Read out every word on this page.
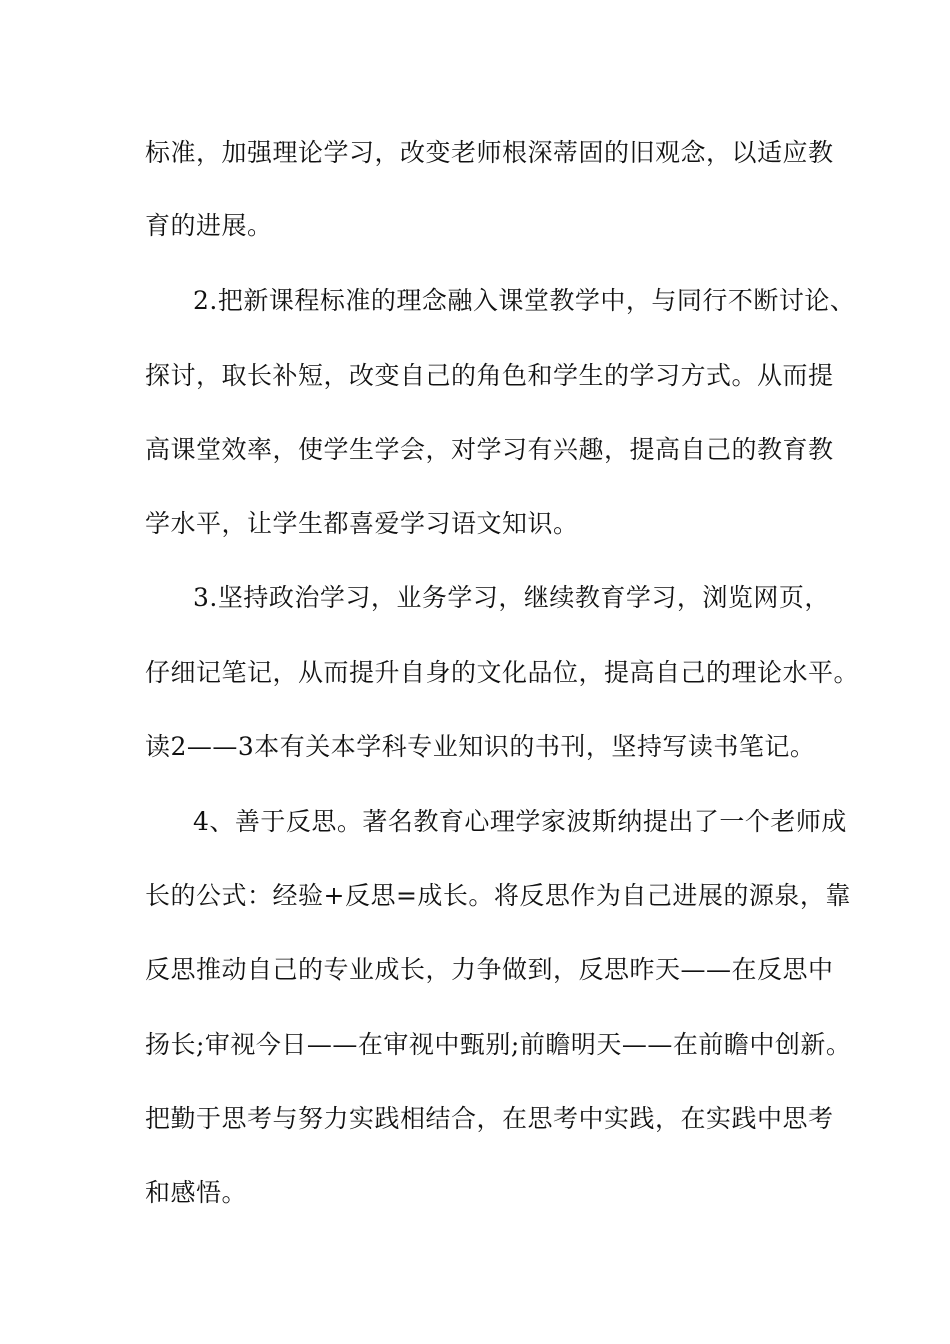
标准，加强理论学习，改变老师根深蒂固的旧观念，以适应教
育的进展。
2.把新课程标准的理念融入课堂教学中，与同行不断讨论、
探讨，取长补短，改变自己的角色和学生的学习方式。从而提
高课堂效率，使学生学会，对学习有兴趣，提高自己的教育教
学水平，让学生都喜爱学习语文知识。
3.坚持政治学习，业务学习，继续教育学习，浏览网页，
仔细记笔记，从而提升自身的文化品位，提高自己的理论水平。
读2——3本有关本学科专业知识的书刊，坚持写读书笔记。
4、善于反思。著名教育心理学家波斯纳提出了一个老师成
长的公式：经验+反思=成长。将反思作为自己进展的源泉，靠
反思推动自己的专业成长，力争做到，反思昨天——在反思中
扬长;审视今日——在审视中甄别;前瞻明天——在前瞻中创新。
把勤于思考与努力实践相结合，在思考中实践，在实践中思考
和感悟。
